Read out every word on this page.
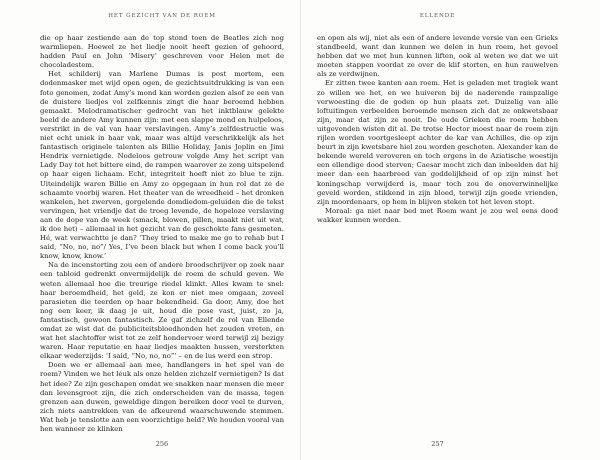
HET GEZICHT VAN DE ROEM

die op haar zestiende aan de top stond toen de Beatles zich nog warmliepen. Hoewel ze het liedje nooit heeft gezien of gehoord, hadden Paul en John ‘Misery’ geschreven voor Helen met de chocoladestem.

Het schilderij van Marlene Dumas is post mortem, een dodenmasker met wijd open ogen, de gezichtsuitdrukking is van een foto genomen, zodat Amy’s mond kan worden gezien alsof ze een van de duistere liedjes vol zelfkennis zingt die haar beroemd hebben gemaakt. Melodramatischer gedrocht van het inktblauw gelekte beeld de andere Amy kunnen zijn: met een slappe mond en hulpeloos, verstrikt in de val van haar verslavingen. Amy’s zelfdestructie was niet echt uniek in haar vak, maar was altijd verschrikkelijk als het fantastisch originele talenten als Billie Holiday, Janis Joplin en Jimi Hendrix vernietigde. Nodeloos getrouw volgde Amy het script van Lady Day tot het bittere eind, de rampen waarover ze zong uitspelend op haar eigen lichaam. Echt, integriteit hoeft niet zo blue te zijn. Uiteindelijk waren Billie en Amy zo opgegaan in hun rol dat ze de schaamte voorbij waren. Het theater van de wreedheid – het dronken wankelen, het zwerven, gorgelende domdiedom-geluiden die de tekst vervingen, het vriendje dat de troeg levende, de hopeloze verslaving aan de dope van de week (smack, blowen, pillen, maakt niet uit wat, ik doe het) – allemaal in het gezicht van de geschokte fans gesmeten. Hé, wat verwachtte je dan? ‘They tried to make me go to rehab but I said, “No, no, no”/ Yes, I’ve been black but when I come back you’ll know, know, know.’

Na de incenstorting zou een of andere broodschrijver op zoek naar een tabloid gedrenkt onvermijdelijk de roem de schuld geven. We weten allemaal hoe die treurige riedel klinkt. Alles kwam te snel: haar beroemdheid, het geld, ze kon er niet mee omgaan, zoveel parasieten die teerden op haar bekendheid. Ga door, Amy, doe het nog een keer, ik daag je uit, houd die pose vast, juist, zo ja, fantastisch, gewoon fantastisch. Ze gaf zichzelf de rol van Ellende omdat ze wist dat de publiciteitsbloedhonden het zouden vreten, en wat het slachtoffer wist tot ze zelf hondervoer werd terwijl zij bezigy waren. Haar reputatie en haar liedjes maakten hussen, versterkten elkaar wederzijds: ‘I said, “No, no, no”’ – en de lus werd een strop.

Doen we er allemaal aan mee, handlangers in het spel van de roem? Vinden we het léuk als onze helden zichzelf vernietigen? Is dat het idee? Ze zijn geschapen omdat we snakken naar mensen die meer dan levensgroot zijn, die zich onderscheiden van de massa, tegen grenzen aan duwen, geweldige dingen bereiken door veel te durven, zich niets aantrekken van de afkeurend waarschuwende stemmen. Wat heb je tenslotte aan een voorzichtige held? We houden vooral van hen wanneer ze klinken

256
ELLENDE

en open als wij, niet als een of andere levende versie van een Grieks standbeeld, want dan kunnen we delen in hun roem, het gevoel hebben dat we met hun kunnen liften, ook al weten we dat we uit moeten stappen voordat ze over de klif storten, en hun rauwelven als ze verdwijnen.

Er zitten twee kanten aan roem. Het is geladen met tragiek want zo willen we het, en we huiveren bij de naderende rampzalige verwoesting die de goden op hun plaats zet. Duizelig van alle loftuitingen verbeelden beroemde mensen zich dat ze onkwetsbaar zijn, maar dat zijn ze nooit. De oude Grieken die roem hebben uitgevonden wisten dit al. De trotse Hector moest naar de roem zijn rijlen worden voortgesleept achter de kar van Achilles, die op zijn beurt in zijn kwetsbare hiel zou worden geschoten. Alexander kan de bekende wereld veroveren en toch ergens in de Aziatische woestijn een ellendige dood sterven; Caesar mocht zich dan inbeelden dat hij meer dan een haarbreed van goddelijkheid of op zijn minst het koningschap verwijderd is, maar toch zou de onoverwinnelijke geveld worden, stikkend in zijn bloed, terwijl zijn goede vrienden, zijn moordenaars, op hem in blijven steken tot het leven stopt.

Moraal: ga niet naar bed met Roem want je zou wel eens dood wakker kunnen worden.

257
